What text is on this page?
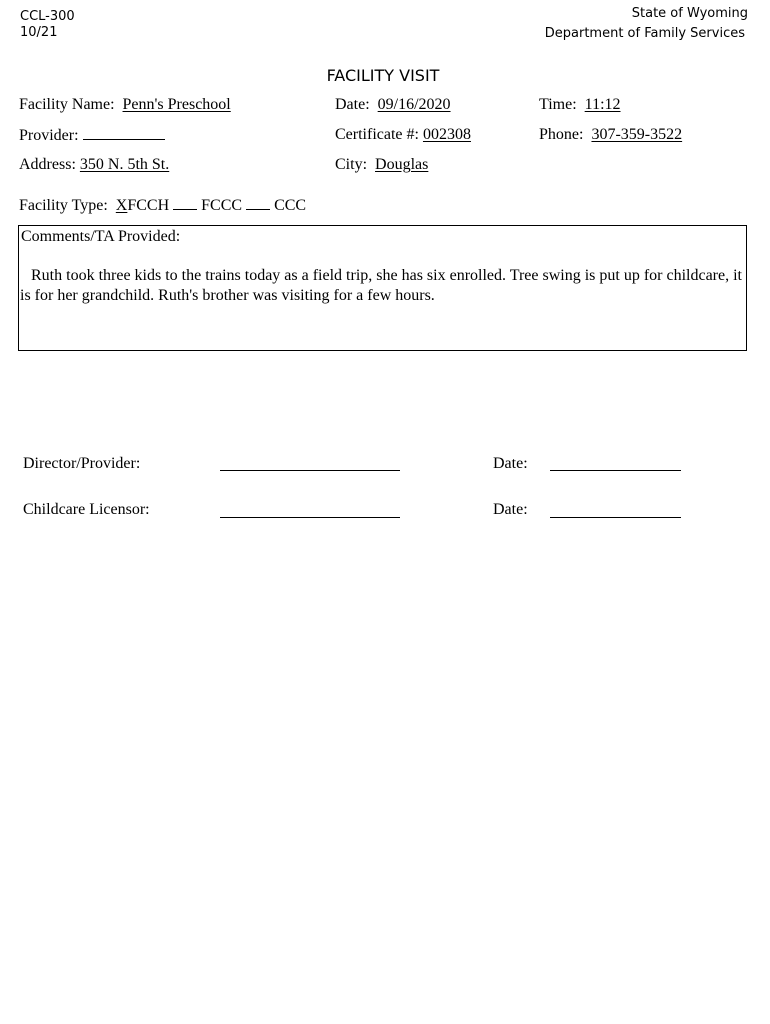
CCL-300
10/21
State of Wyoming
Department of Family Services
FACILITY VISIT
Facility Name: Penn's Preschool	Date: 09/16/2020	Time: 11:12
Provider:	Certificate #: 002308	Phone: 307-359-3522
Address: 350 N. 5th St.	City: Douglas
Facility Type: XFCCH FCCC CCC
Comments/TA Provided:
Ruth took three kids to the trains today as a field trip, she has six enrolled. Tree swing is put up for childcare, it is for her grandchild. Ruth's brother was visiting for a few hours.
Director/Provider:	Date:
Childcare Licensor:	Date:
